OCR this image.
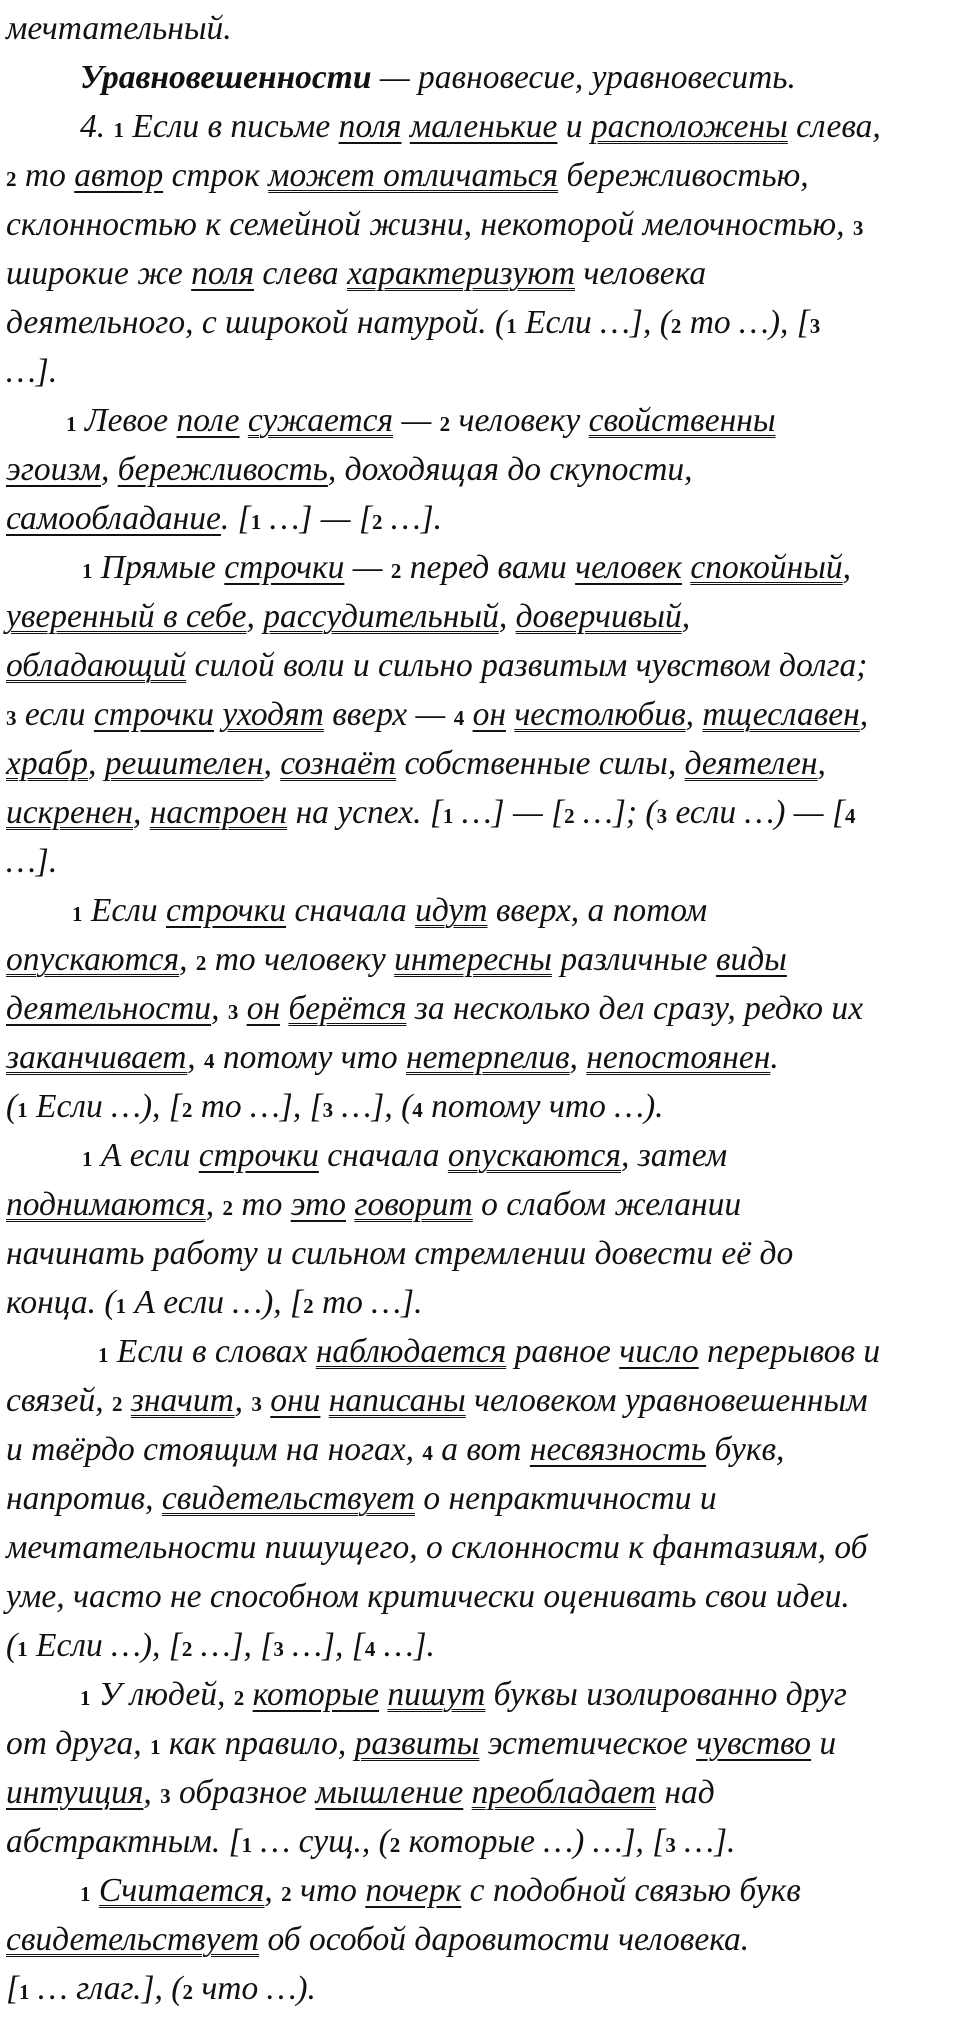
мечтательный.
Уравновешенности — равновесие, уравновесить.
4. 1 Если в письме поля маленькие и расположены слева,
2 то автор строк может отличаться бережливостью,
склонностью к семейной жизни, некоторой мелочностью, 3
широкие же поля слева характеризуют человека
деятельного, с широкой натурой. (1 Если …], (2 то …), [3
…].
1 Левое поле сужается — 2 человеку свойственны
эгоизм, бережливость, доходящая до скупости,
самообладание. [1 …] — [2 …].
1 Прямые строчки — 2 перед вами человек спокойный,
уверенный в себе, рассудительный, доверчивый,
обладающий силой воли и сильно развитым чувством долга;
3 если строчки уходят вверх — 4 он честолюбив, тщеславен,
храбр, решителен, сознаёт собственные силы, деятелен,
искренен, настроен на успех. [1 …] — [2 …]; (3 если …) — [4
…].
1 Если строчки сначала идут вверх, а потом
опускаются, 2 то человеку интересны различные виды
деятельности, 3 он берётся за несколько дел сразу, редко их
заканчивает, 4 потому что нетерпелив, непостоянен.
(1 Если …), [2 то …], [3 …], (4 потому что …).
1 А если строчки сначала опускаются, затем
поднимаются, 2 то это говорит о слабом желании
начинать работу и сильном стремлении довести её до
конца. (1 А если …), [2 то …].
1 Если в словах наблюдается равное число перерывов и
связей, 2 значит, 3 они написаны человеком уравновешенным
и твёрдо стоящим на ногах, 4 а вот несвязность букв,
напротив, свидетельствует о непрактичности и
мечтательности пишущего, о склонности к фантазиям, об
уме, часто не способном критически оценивать свои идеи.
(1 Если …), [2 …], [3 …], [4 …].
1 У людей, 2 которые пишут буквы изолированно друг
от друга, 1 как правило, развиты эстетическое чувство и
интуиция, 3 образное мышление преобладает над
абстрактным. [1 … сущ., (2 которые …) …], [3 …].
1 Считается, 2 что почерк с подобной связью букв
свидетельствует об особой даровитости человека.
[1 … глаг.], (2 что …).
